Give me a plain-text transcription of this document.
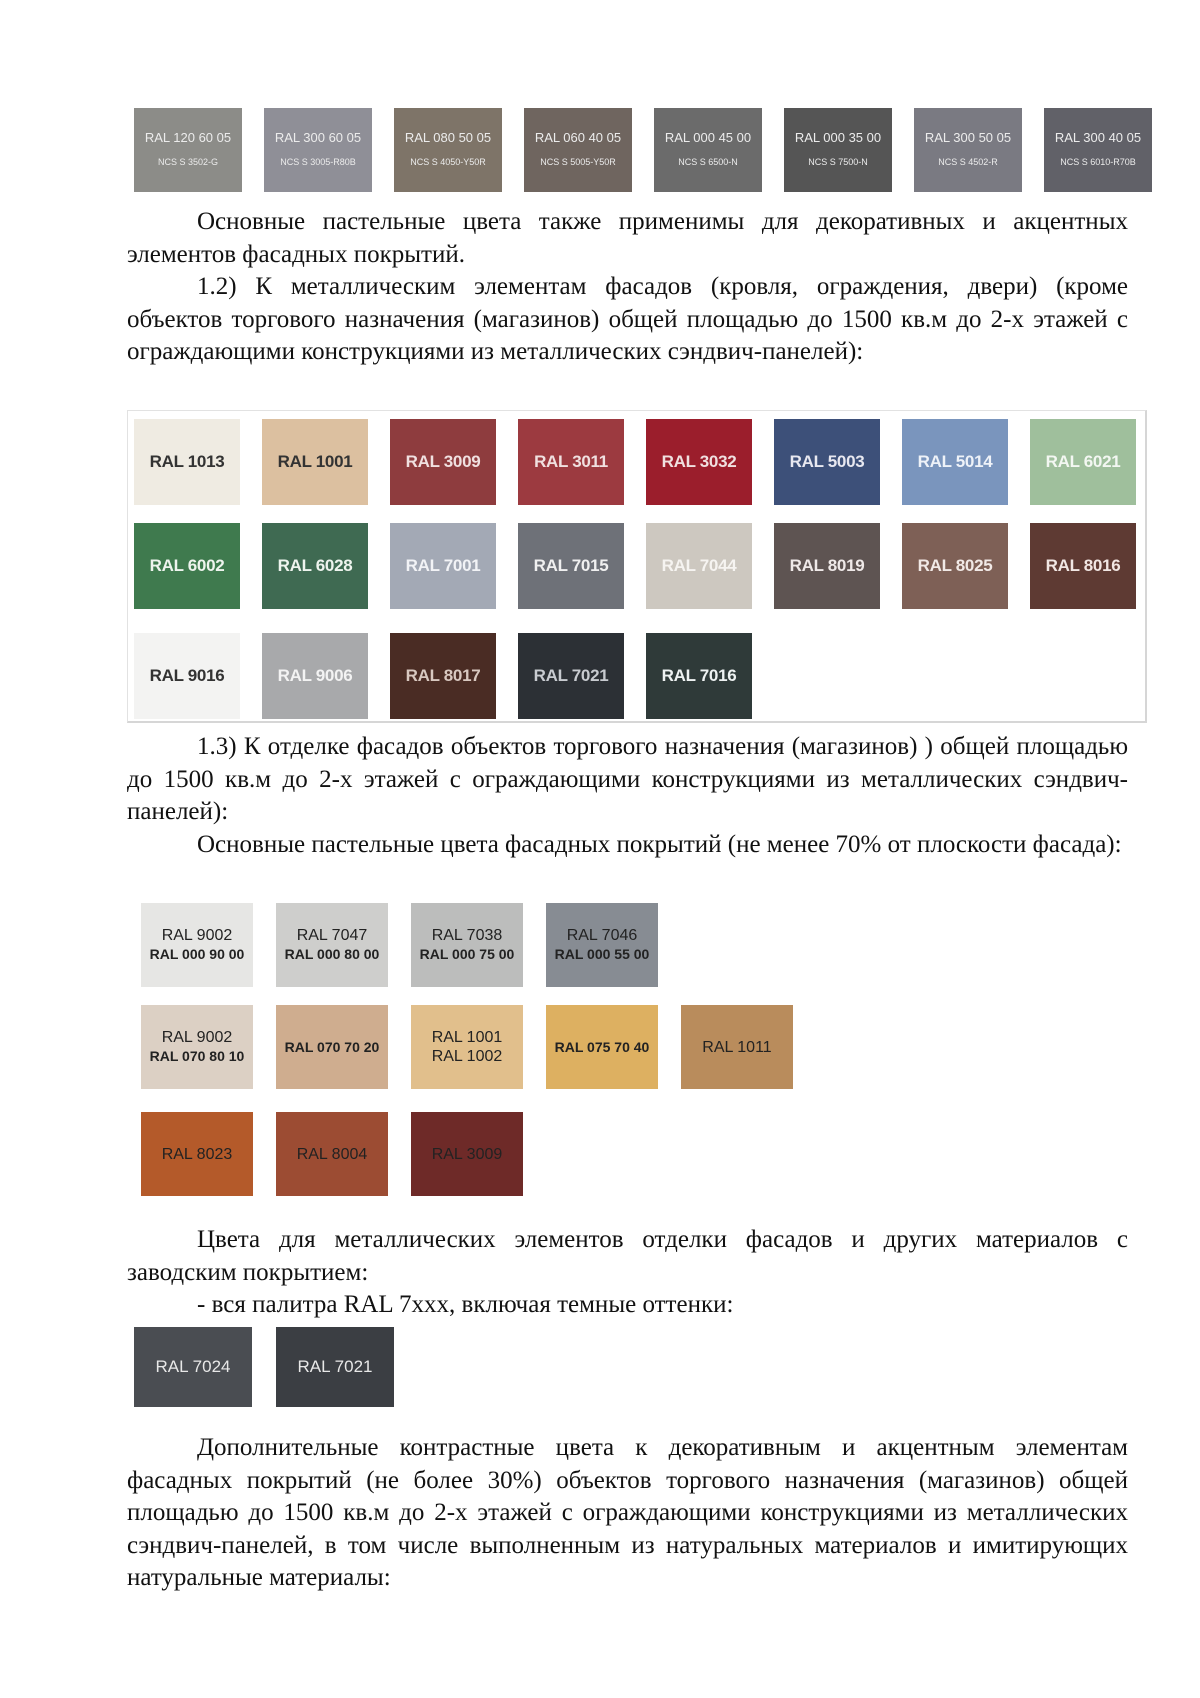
RAL 120 60 05
NCS S 3502-G
RAL 300 60 05
NCS S 3005-R80B
RAL 080 50 05
NCS S 4050-Y50R
RAL 060 40 05
NCS S 5005-Y50R
RAL 000 45 00
NCS S 6500-N
RAL 000 35 00
NCS S 7500-N
RAL 300 50 05
NCS S 4502-R
RAL 300 40 05
NCS S 6010-R70B

Основные пастельные цвета также применимы для декоративных и акцентных элементов фасадных покрытий.

1.2) К металлическим элементам фасадов (кровля, ограждения, двери) (кроме объектов торгового назначения (магазинов) общей площадью до 1500 кв.м до 2-х этажей с ограждающими конструкциями из металлических сэндвич-панелей):

RAL 1013	RAL 1001	RAL 3009	RAL 3011	RAL 3032	RAL 5003	RAL 5014	RAL 6021
RAL 6002	RAL 6028	RAL 7001	RAL 7015	RAL 7044	RAL 8019	RAL 8025	RAL 8016
RAL 9016	RAL 9006	RAL 8017	RAL 7021	RAL 7016

1.3) К отделке фасадов объектов торгового назначения (магазинов) ) общей площадью до 1500 кв.м до 2-х этажей с ограждающими конструкциями из металлических сэндвич-панелей):

Основные пастельные цвета фасадных покрытий (не менее 70% от плоскости фасада):

RAL 9002
RAL 000 90 00
RAL 7047
RAL 000 80 00
RAL 7038
RAL 000 75 00
RAL 7046
RAL 000 55 00
RAL 9002
RAL 070 80 10
RAL 070 70 20
RAL 1001
RAL 1002
RAL 075 70 40	RAL 1011
RAL 8023	RAL 8004	RAL 3009

Цвета для металлических элементов отделки фасадов и других материалов с заводским покрытием:

- вся палитра RAL 7ххх, включая темные оттенки:

RAL 7024	RAL 7021

Дополнительные контрастные цвета к декоративным и акцентным элементам фасадных покрытий (не более 30%) объектов торгового назначения (магазинов) общей площадью до 1500 кв.м до 2-х этажей с ограждающими конструкциями из металлических сэндвич-панелей, в том числе выполненным из натуральных материалов и имитирующих натуральные материалы:
